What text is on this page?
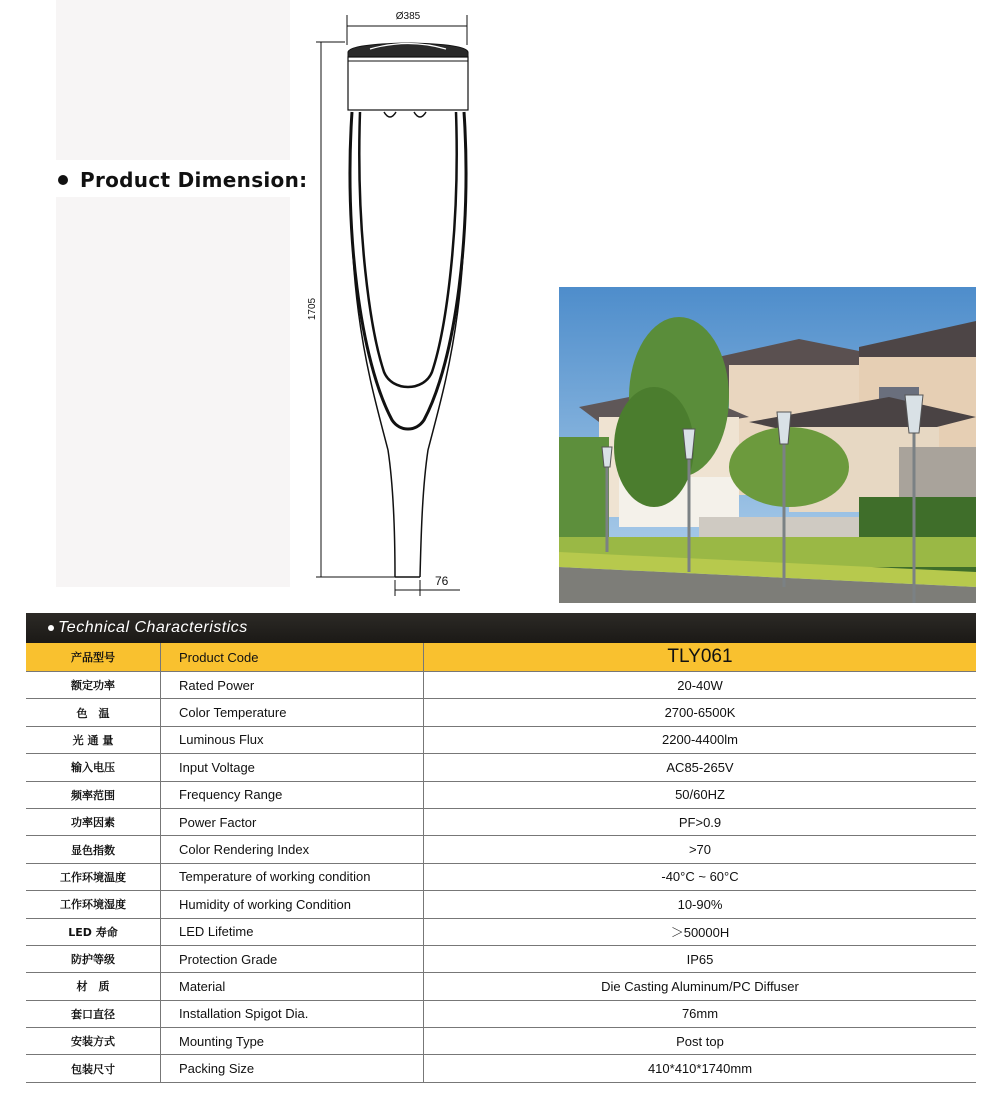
Product Dimension:
Ø385
1705
76
Technical Characteristics
产品型号	Product Code	TLY061
额定功率	Rated Power	20-40W
色　温	Color Temperature	2700-6500K
光 通 量	Luminous Flux	2200-4400lm
输入电压	Input Voltage	AC85-265V
频率范围	Frequency Range	50/60HZ
功率因素	Power Factor	PF>0.9
显色指数	Color Rendering Index	>70
工作环境温度	Temperature of working condition	-40°C ~ 60°C
工作环境湿度	Humidity of working Condition	10-90%
LED 寿命	LED Lifetime	＞50000H
防护等级	Protection Grade	IP65
材　质	Material	Die Casting Aluminum/PC Diffuser
套口直径	Installation Spigot Dia.	76mm
安装方式	Mounting Type	Post top
包装尺寸	Packing Size	410*410*1740mm
